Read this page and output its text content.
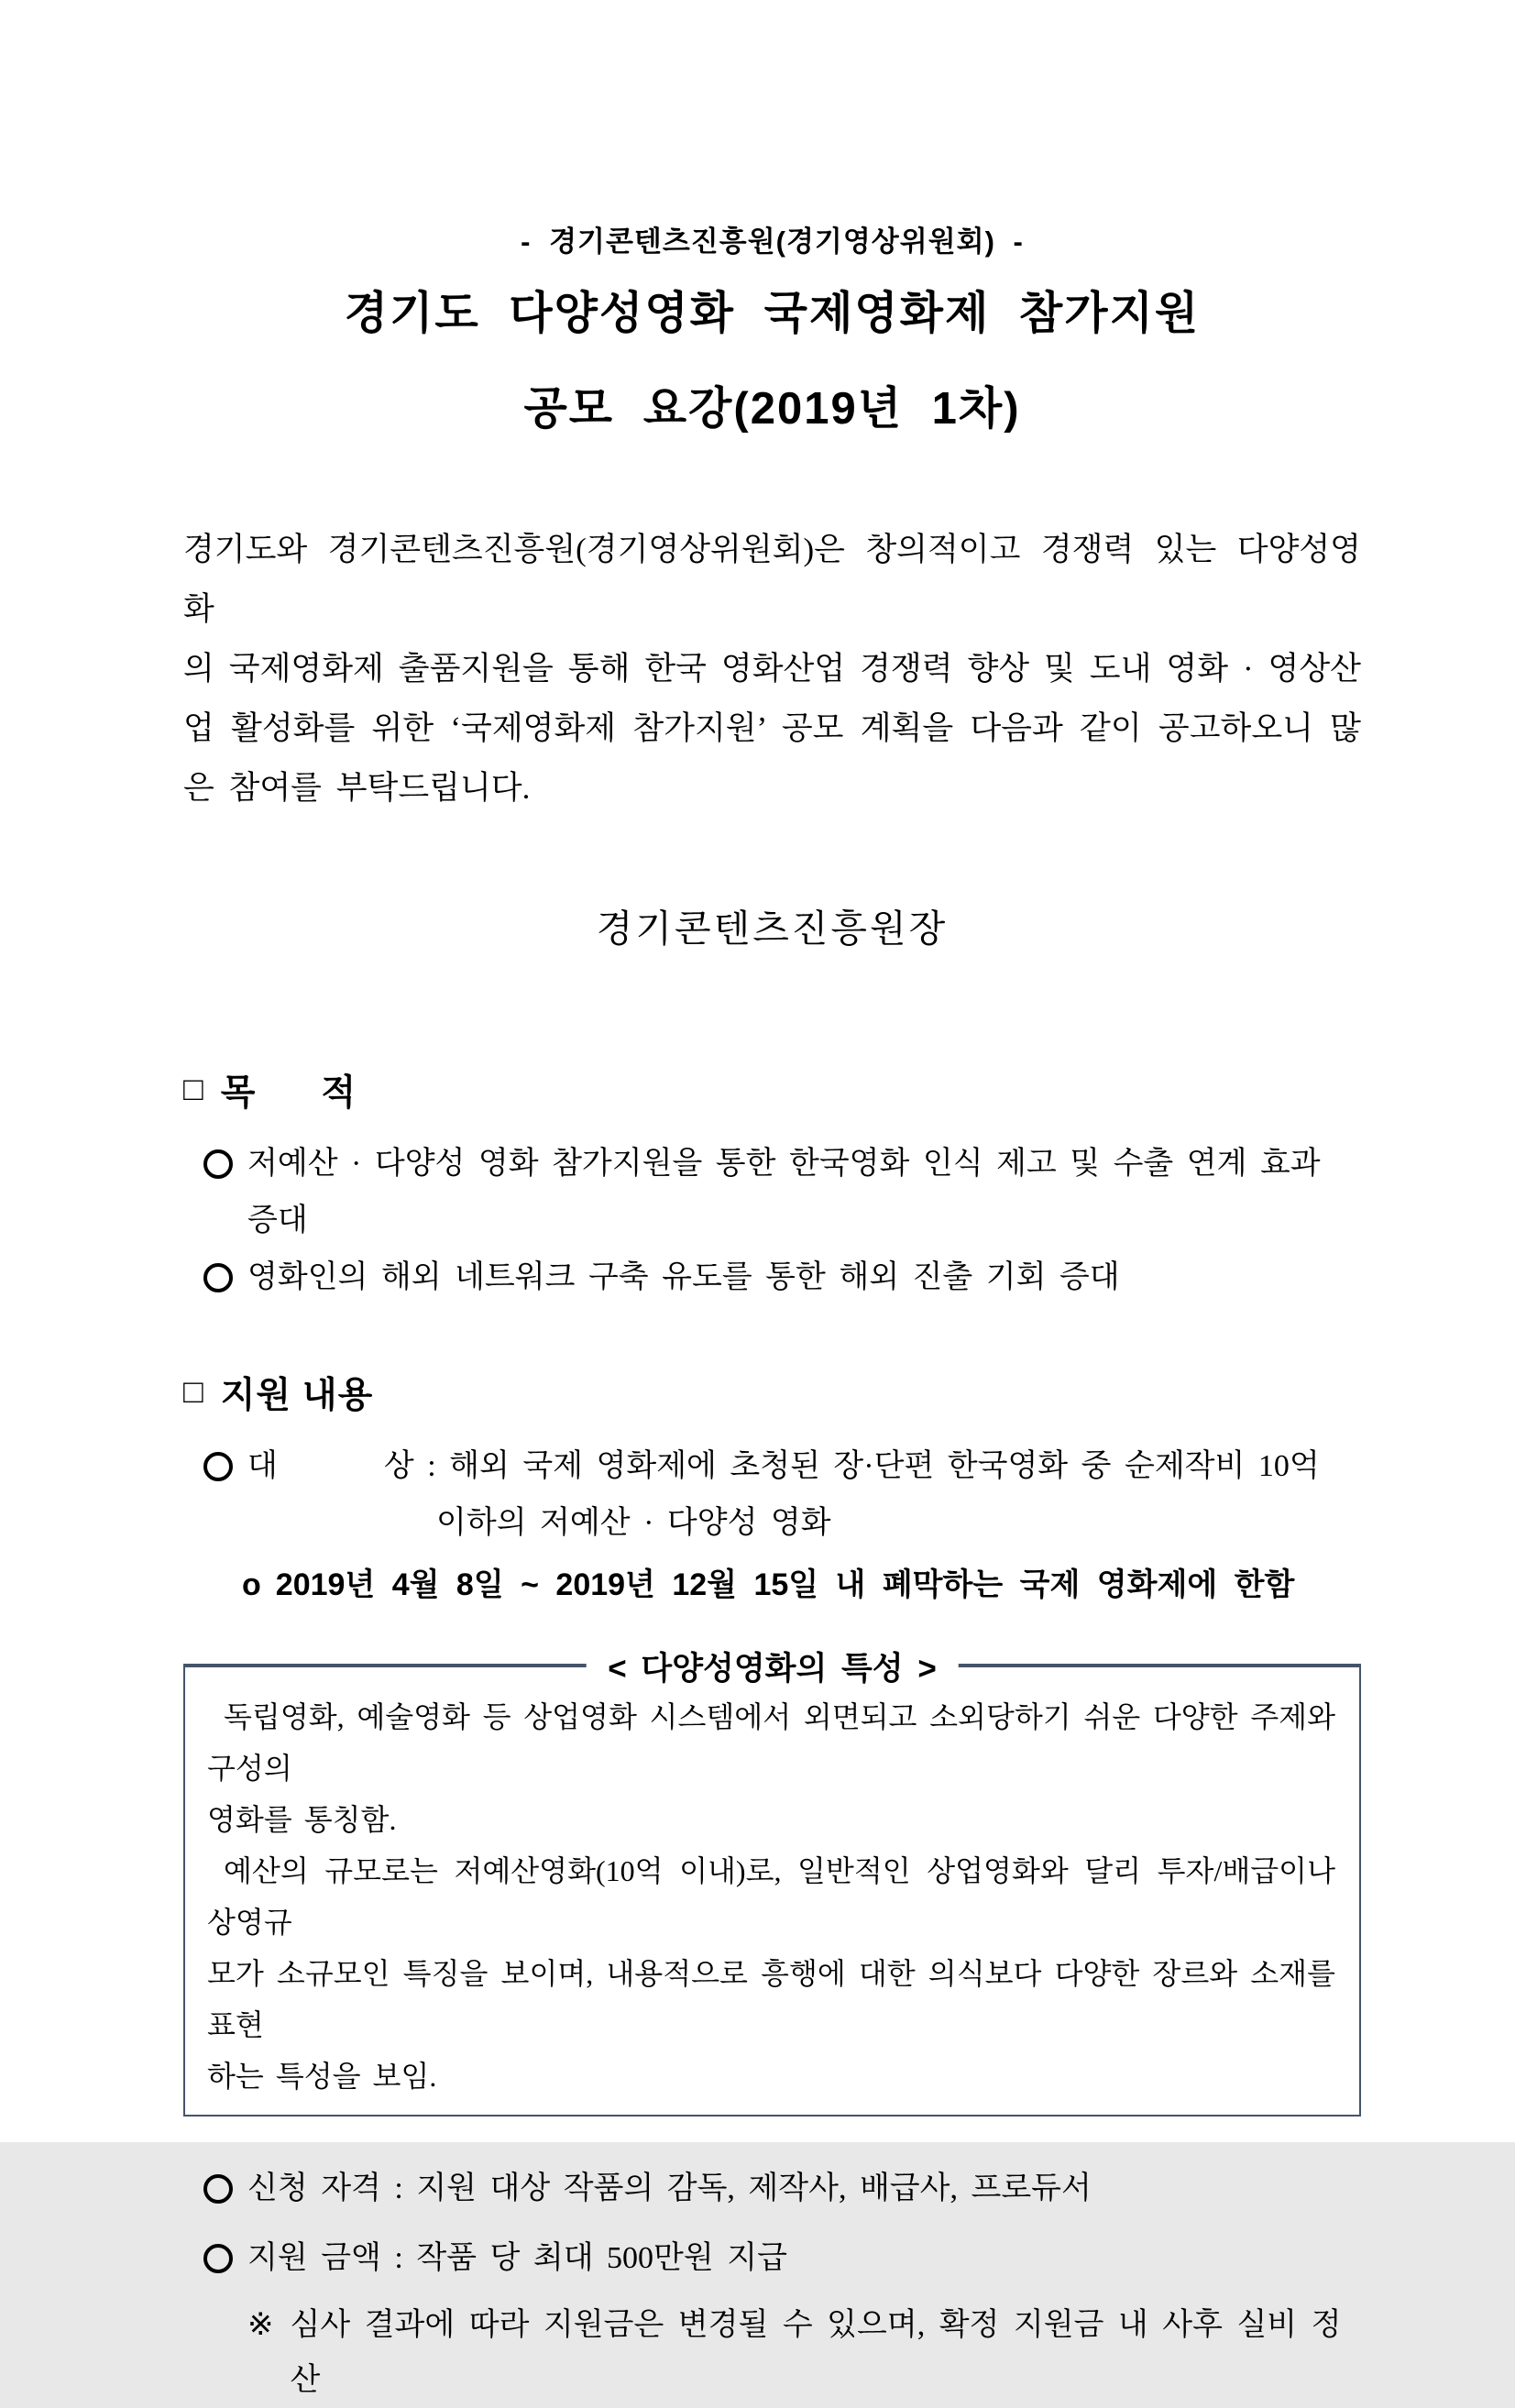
- 경기콘텐츠진흥원(경기영상위원회) -
경기도 다양성영화 국제영화제 참가지원
공모 요강(2019년 1차)
경기도와 경기콘텐츠진흥원(경기영상위원회)은 창의적이고 경쟁력 있는 다양성영화
의 국제영화제 출품지원을 통해 한국 영화산업 경쟁력 향상 및 도내 영화 · 영상산
업 활성화를 위한 ‘국제영화제 참가지원’ 공모 계획을 다음과 같이 공고하오니 많
은 참여를 부탁드립니다.
경기콘텐츠진흥원장
□ 목      적
저예산 · 다양성 영화 참가지원을 통한 한국영화 인식 제고 및 수출 연계 효과 증대
영화인의 해외 네트워크 구축 유도를 통한 해외 진출 기회 증대
□ 지원 내용
대        상 : 해외 국제 영화제에 초청된 장·단편 한국영화 중 순제작비 10억
이하의 저예산 · 다양성 영화
o 2019년 4월 8일 ~ 2019년 12월 15일 내 폐막하는 국제 영화제에 한함
< 다양성영화의 특성 >
독립영화, 예술영화 등 상업영화 시스템에서 외면되고 소외당하기 쉬운 다양한 주제와 구성의
영화를 통칭함.
예산의 규모로는 저예산영화(10억 이내)로, 일반적인 상업영화와 달리 투자/배급이나 상영규
모가 소규모인 특징을 보이며, 내용적으로 흥행에 대한 의식보다 다양한 장르와 소재를 표현
하는 특성을 보임.
신청 자격 : 지원 대상 작품의 감독, 제작사, 배급사, 프로듀서
지원 금액 : 작품 당 최대 500만원 지급
※ 심사 결과에 따라 지원금은 변경될 수 있으며, 확정 지원금 내 사후 실비 정산
